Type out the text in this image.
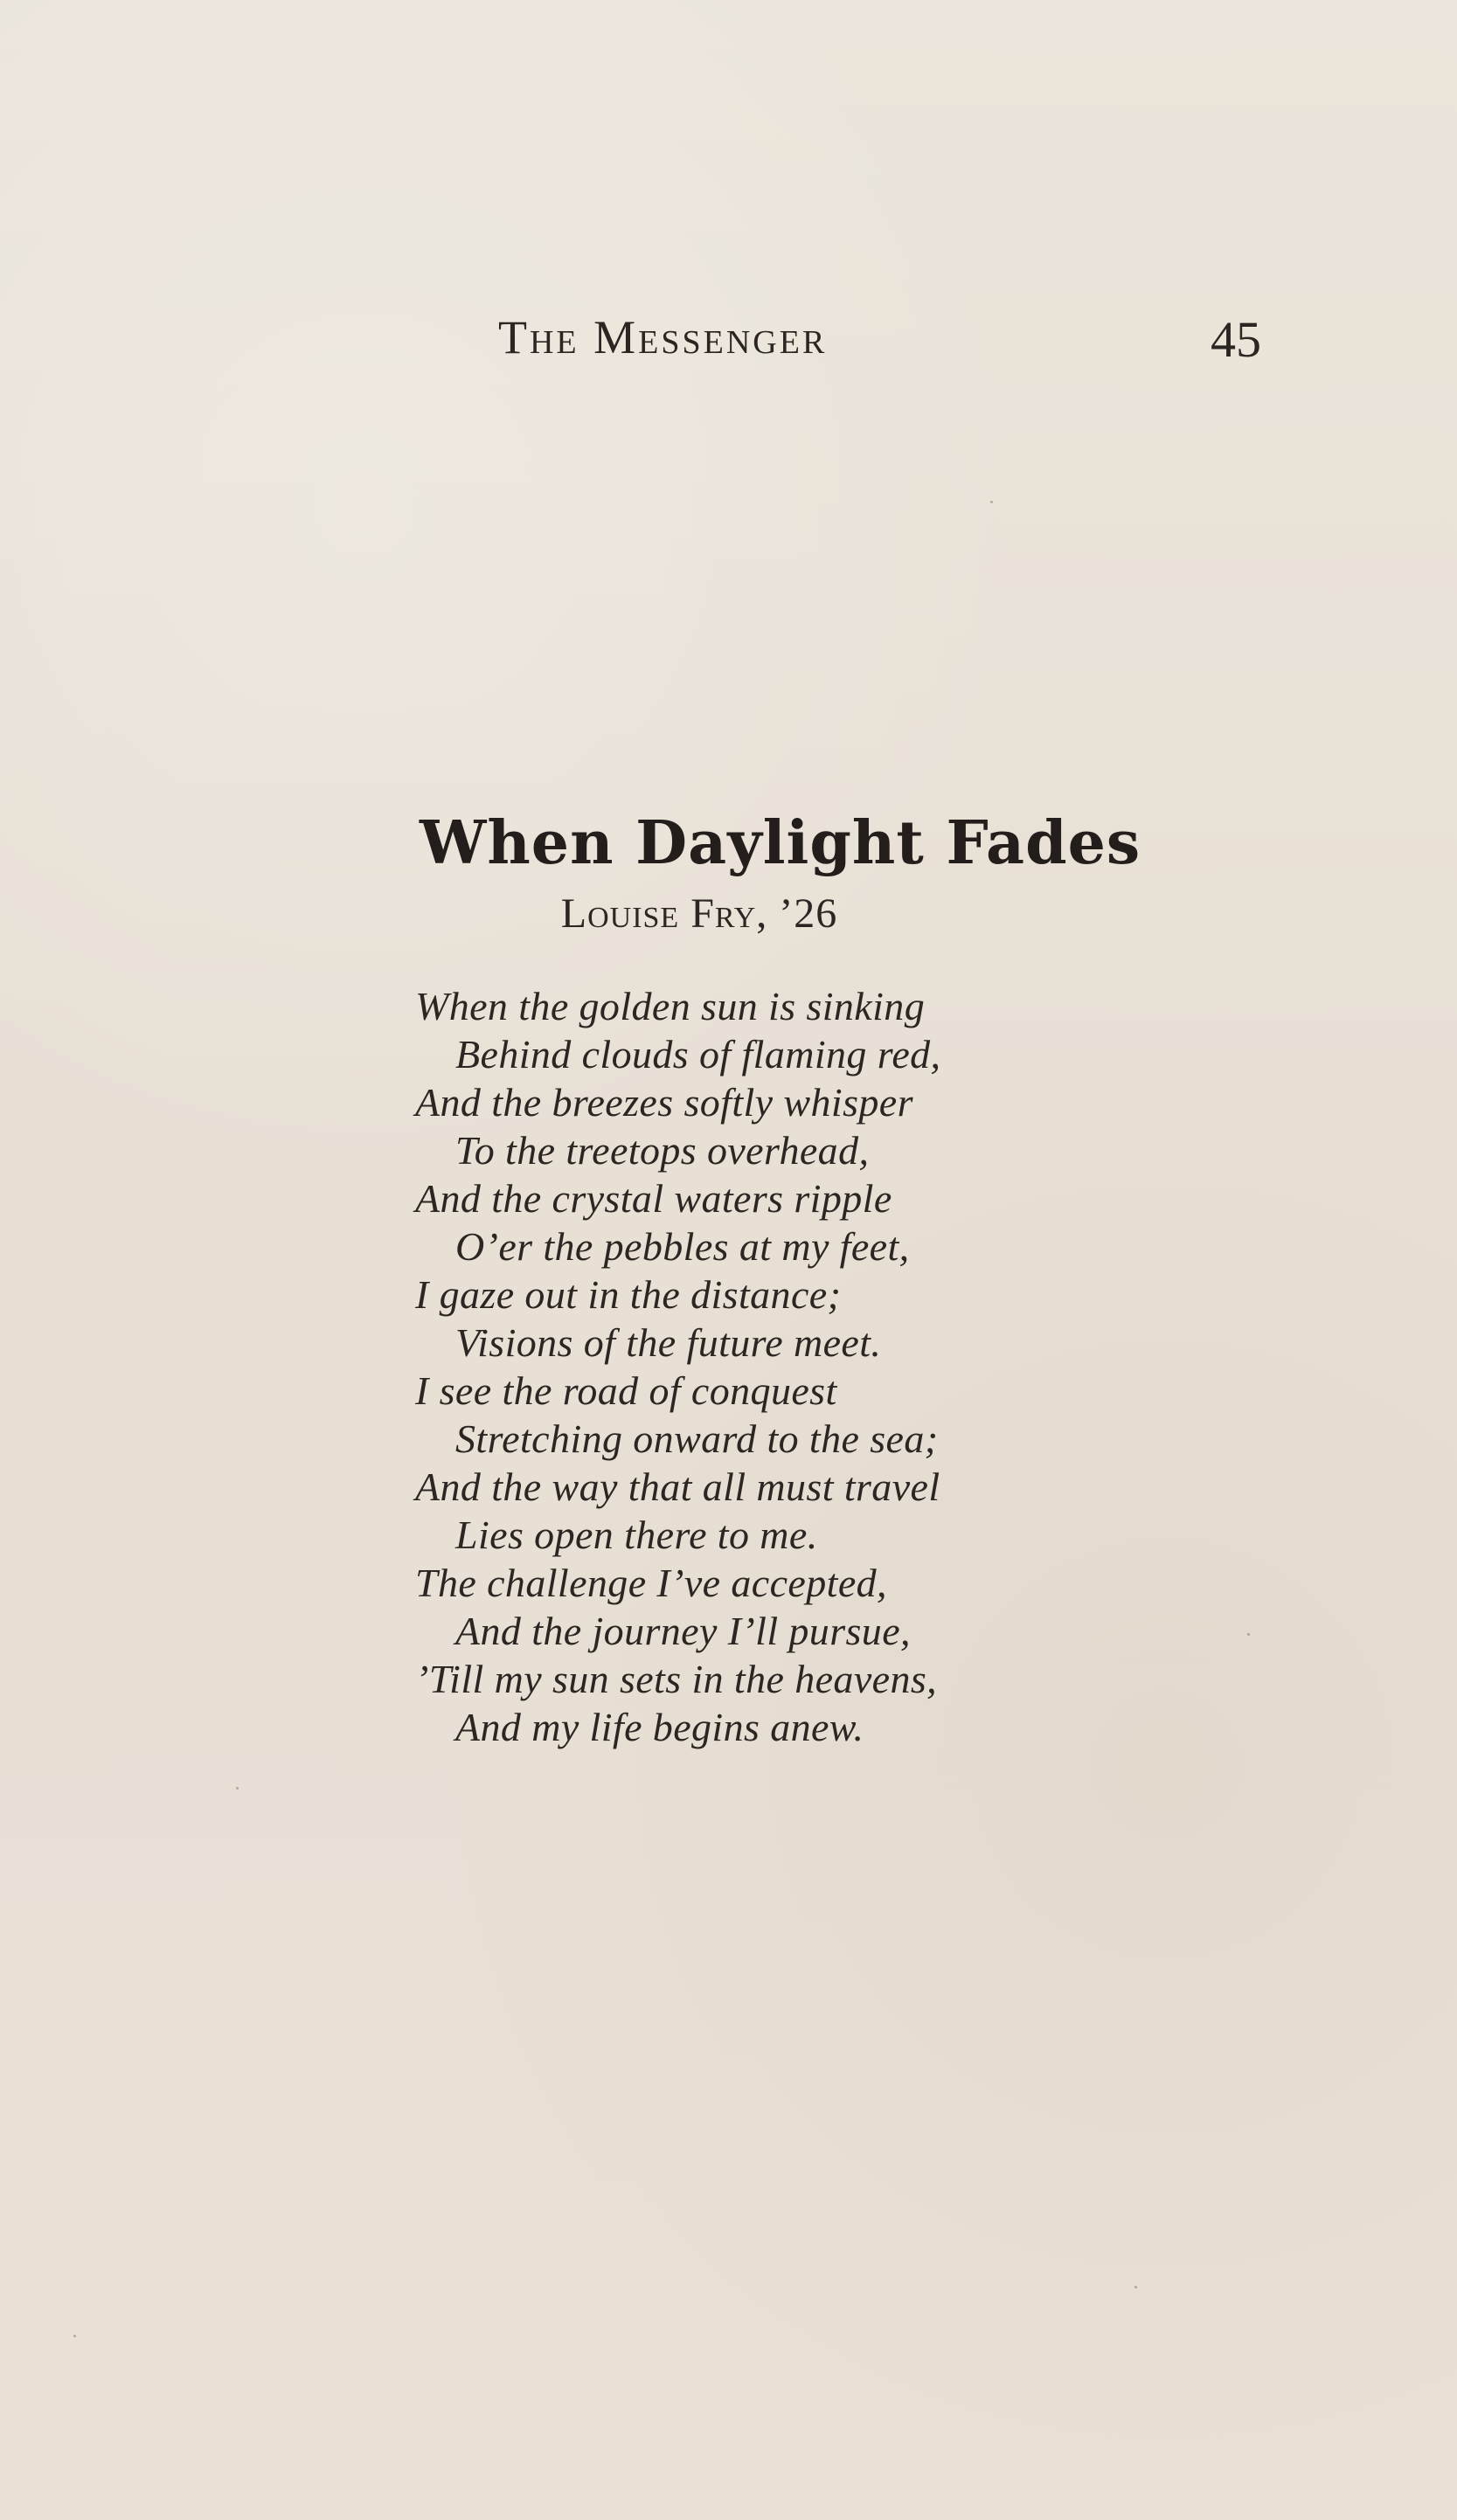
The Messenger	45
When Daylight Fades
Louise Fry, ’26
When the golden sun is sinking
Behind clouds of flaming red,
And the breezes softly whisper
To the treetops overhead,
And the crystal waters ripple
O’er the pebbles at my feet,
I gaze out in the distance;
Visions of the future meet.
I see the road of conquest
Stretching onward to the sea;
And the way that all must travel
Lies open there to me.
The challenge I’ve accepted,
And the journey I’ll pursue,
’Till my sun sets in the heavens,
And my life begins anew.
